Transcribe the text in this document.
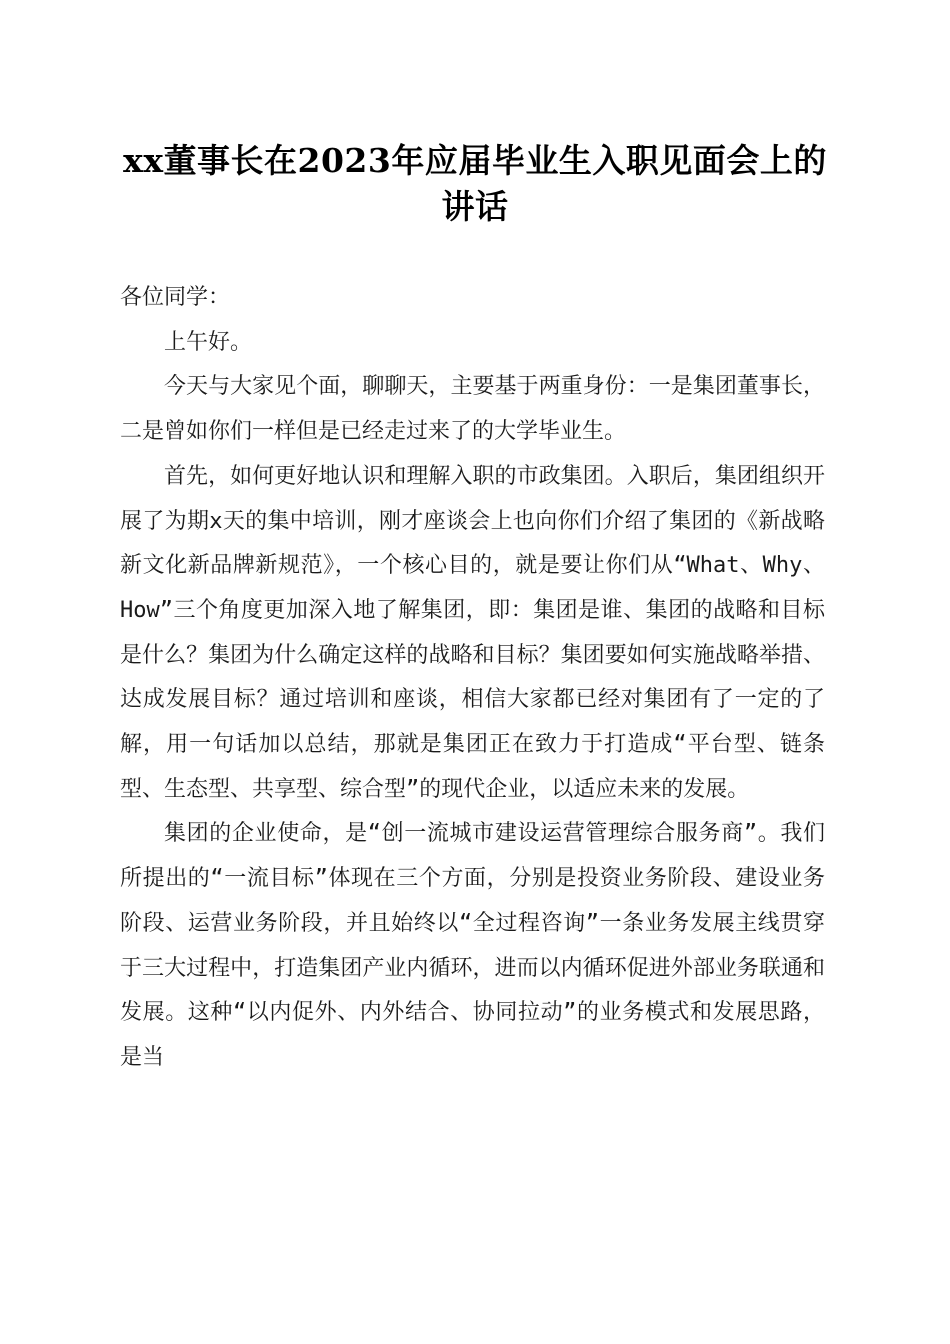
xx董事长在2023年应届毕业生入职见面会上的讲话

各位同学：

上午好。

今天与大家见个面，聊聊天，主要基于两重身份：一是集团董事长，二是曾如你们一样但是已经走过来了的大学毕业生。

首先，如何更好地认识和理解入职的市政集团。入职后，集团组织开展了为期x天的集中培训，刚才座谈会上也向你们介绍了集团的《新战略新文化新品牌新规范》，一个核心目的，就是要让你们从“What、Why、How”三个角度更加深入地了解集团，即：集团是谁、集团的战略和目标是什么？集团为什么确定这样的战略和目标？集团要如何实施战略举措、达成发展目标？通过培训和座谈，相信大家都已经对集团有了一定的了解，用一句话加以总结，那就是集团正在致力于打造成“平台型、链条型、生态型、共享型、综合型”的现代企业，以适应未来的发展。

集团的企业使命，是“创一流城市建设运营管理综合服务商”。我们所提出的“一流目标”体现在三个方面，分别是投资业务阶段、建设业务阶段、运营业务阶段，并且始终以“全过程咨询”一条业务发展主线贯穿于三大过程中，打造集团产业内循环，进而以内循环促进外部业务联通和发展。这种“以内促外、内外结合、协同拉动”的业务模式和发展思路，是当
